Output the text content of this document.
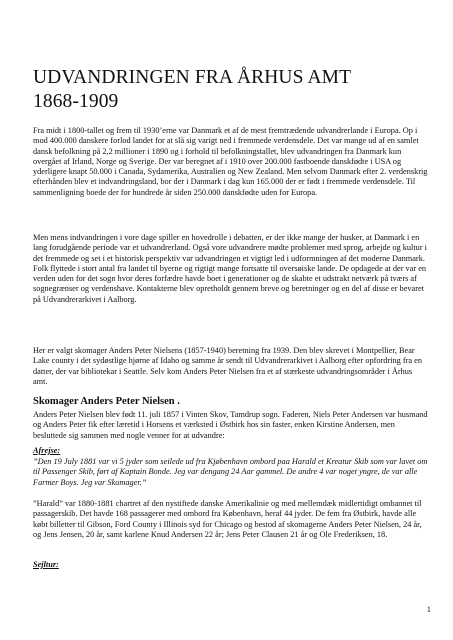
UDVANDRINGEN FRA ÅRHUS AMT
1868-1909

Fra midt i 1800-tallet og frem til 1930’erne var Danmark et af de mest fremtrædende udvandrerlande i Europa. Op i mod 400.000 danskere forlod landet for at slå sig varigt ned i fremmede verdensdele. Det var mange ud af en samlet dansk befolkning på 2,2 millioner i 1890 og i forhold til befolkningstallet, blev udvandringen fra Danmark kun overgået af Irland, Norge og Sverige. Der var beregnet af i 1910 over 200.000 fastboende danskfødte i USA og yderligere knapt 50.000 i Canada, Sydamerika, Australien og New Zealand. Men selvom Danmark efter 2. verdenskrig efterhånden blev et indvandringsland, bor der i Danmark i dag kun 165.000 der er født i fremmede verdensdele. Til sammenligning boede der for hundrede år siden 250.000 danskfødte uden for Europa.

Men mens indvandringen i vore dage spiller en hovedrolle i debatten, er der ikke mange der husker, at Danmark i en lang forudgående periode var et udvandrerland. Også vore udvandrere mødte problemer med sprog, arbejde og kultur i det fremmede og set i et historisk perspektiv var udvandringen et vigtigt led i udformningen af det moderne Danmark. Folk flyttede i stort antal fra landet til byerne og rigtigt mange fortsatte til oversøiske lande. De opdagede at der var en verden uden for det sogn hvor deres forfædre havde boet i generationer og de skabte et udstrakt netværk på tværs af sognegrænser og verdenshave. Kontakterne blev opretholdt gennem breve og beretninger og en del af disse er bevaret på Udvandrerarkivet i Aalborg.

Her er valgt skomager Anders Peter Nielsens (1857-1940) beretning fra 1939. Den blev skrevet i Montpellier, Bear Lake county i det sydøstlige hjørne af Idaho og samme år sendt til Udvandrerarkivet i Aalborg efter opfordring fra en datter, der var bibliotekar i Seattle. Selv kom Anders Peter Nielsen fra et af stærkeste udvandringsområder i Århus amt.

Skomager Anders Peter Nielsen .

Anders Peter Nielsen blev født 11. juli 1857 i Vinten Skov, Tamdrup sogn. Faderen, Niels Peter Andersen var husmand og Anders Peter fik efter læretid i Horsens et værksted i Østbirk hos sin faster, enken Kirstine Andersen, men besluttede sig sammen med nogle venner for at udvandre:

Afrejse:

”Den 19 July 1881 var vi 5 jyder som seilede ud fra Kjøbenhavn ombord paa Harald et Kreatur Skib som var lavet om til Passenger Skib, ført af Kaptain Bonde. Jeg var dengang 24 Aar gammel. De andre 4 var noget yngre, de var alle Farmer Boys. Jeg var Skomager.”

”Harald” var 1880-1881 chartret af den nystiftede danske Amerikalinie og med mellemdæk midlertidigt ombannet til passagerskib. Det havde 168 passagerer med ombord fra København, heraf 44 jyder. De fem fra Østbirk, havde alle købt billetter til Gibson, Ford County i Illinois syd for Chicago og bestod af skomagerne Anders Peter Nielsen, 24 år, og Jens Jensen, 20 år, samt karlene Knud Andersen 22 år; Jens Peter Clausen 21 år og Ole Frederiksen, 18.

Sejltur:

1
